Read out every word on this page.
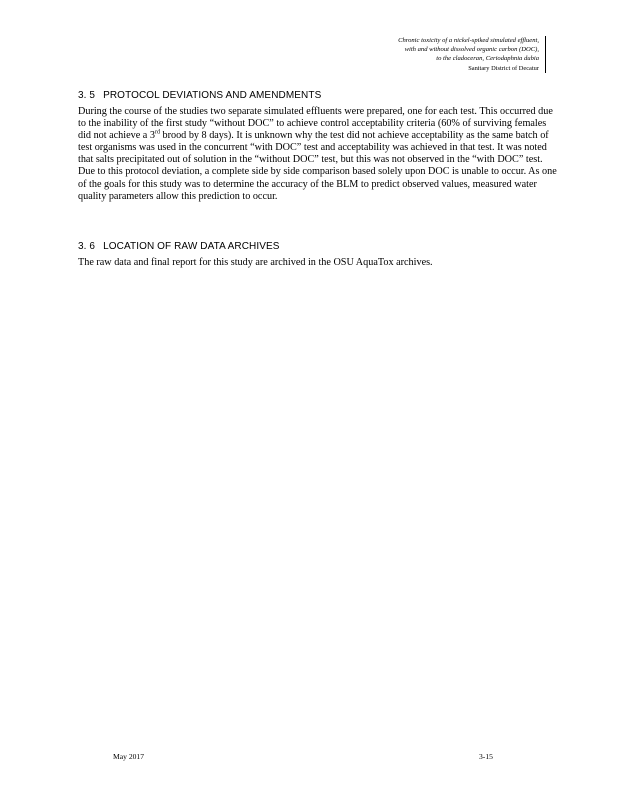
Chronic toxicity of a nickel-spiked simulated effluent,
with and without dissolved organic carbon (DOC),
to the cladoceran, Ceriodaphnia dubia
Sanitary District of Decatur
3. 5 PROTOCOL DEVIATIONS AND AMENDMENTS

During the course of the studies two separate simulated effluents were prepared, one for each test. This occurred due to the inability of the first study “without DOC” to achieve control acceptability criteria (60% of surviving females did not achieve a 3rd brood by 8 days). It is unknown why the test did not achieve acceptability as the same batch of test organisms was used in the concurrent “with DOC” test and acceptability was achieved in that test. It was noted that salts precipitated out of solution in the “without DOC” test, but this was not observed in the “with DOC” test. Due to this protocol deviation, a complete side by side comparison based solely upon DOC is unable to occur. As one of the goals for this study was to determine the accuracy of the BLM to predict observed values, measured water quality parameters allow this prediction to occur.

3. 6 LOCATION OF RAW DATA ARCHIVES

The raw data and final report for this study are archived in the OSU AquaTox archives.

May 2017	3-15
